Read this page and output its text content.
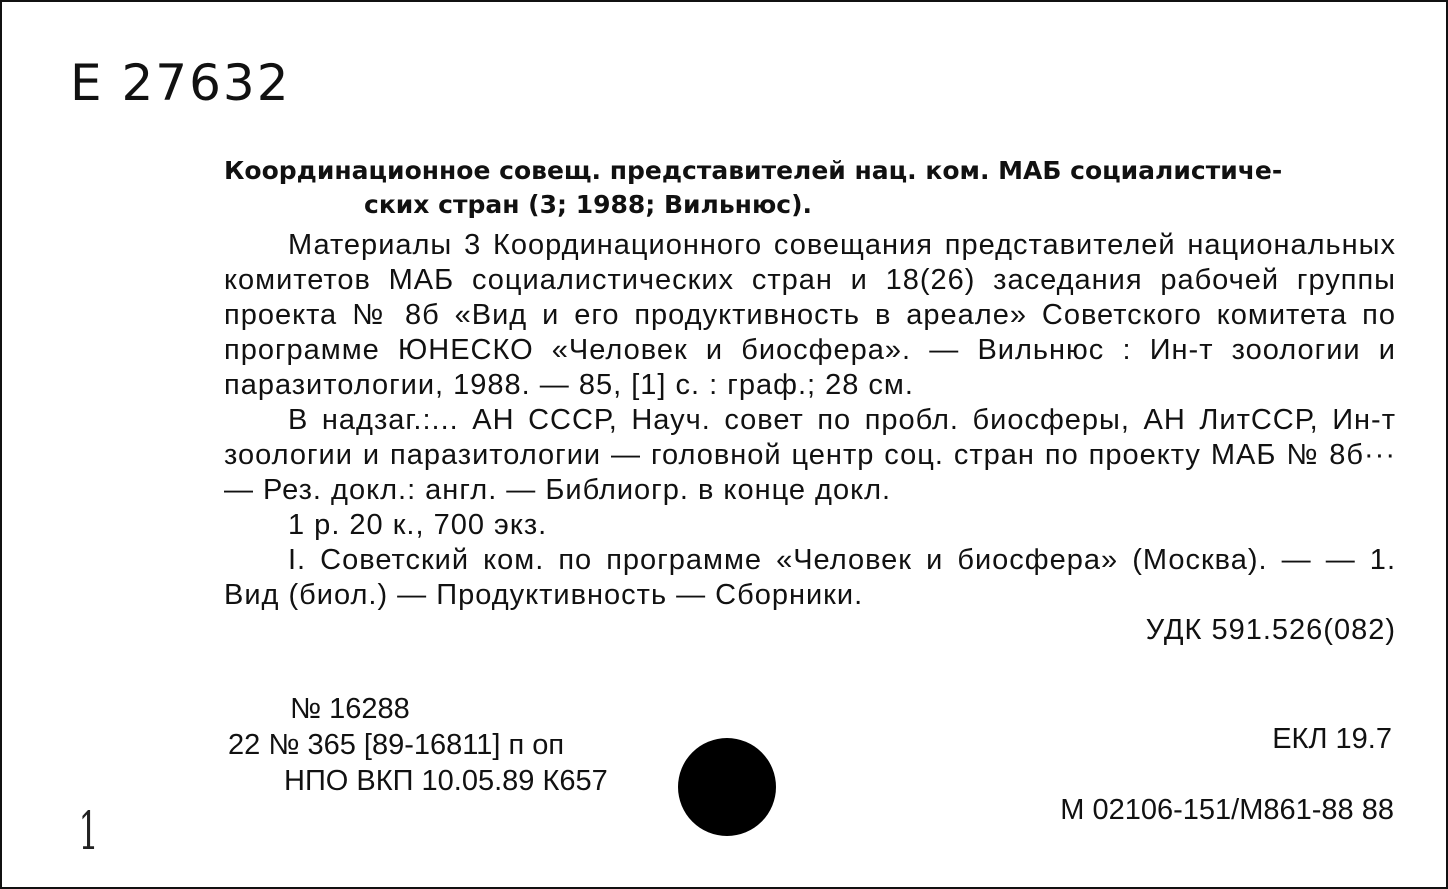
Е 27632
Координационное совещ. представителей нац. ком. МАБ социалистиче-
ских стран (3; 1988; Вильнюс).

Материалы 3 Координационного совещания представителей национальных комитетов МАБ социалистических стран и 18(26) заседания рабочей группы проекта № 8б «Вид и его продуктивность в ареале» Советского комитета по программе ЮНЕСКО «Человек и биосфера». — Вильнюс : Ин-т зоологии и паразитологии, 1988. — 85, [1] с. : граф.; 28 см.

В надзаг.:... АН СССР, Науч. совет по пробл. биосферы, АН ЛитССР, Ин-т зоологии и паразитологии — головной центр соц. стран по проекту МАБ № 8б··· — Рез. докл.: англ. — Библиогр. в конце докл.

1 р. 20 к., 700 экз.

I. Советский ком. по программе «Человек и биосфера» (Москва). — — 1. Вид (биол.) — Продуктивность — Сборники.

УДК 591.526(082)

№ 16288
22 № 365 [89-16811] п оп
НПО ВКП 10.05.89 К657
ЕКЛ 19.7
М 02106-151/М861-88 88
1
